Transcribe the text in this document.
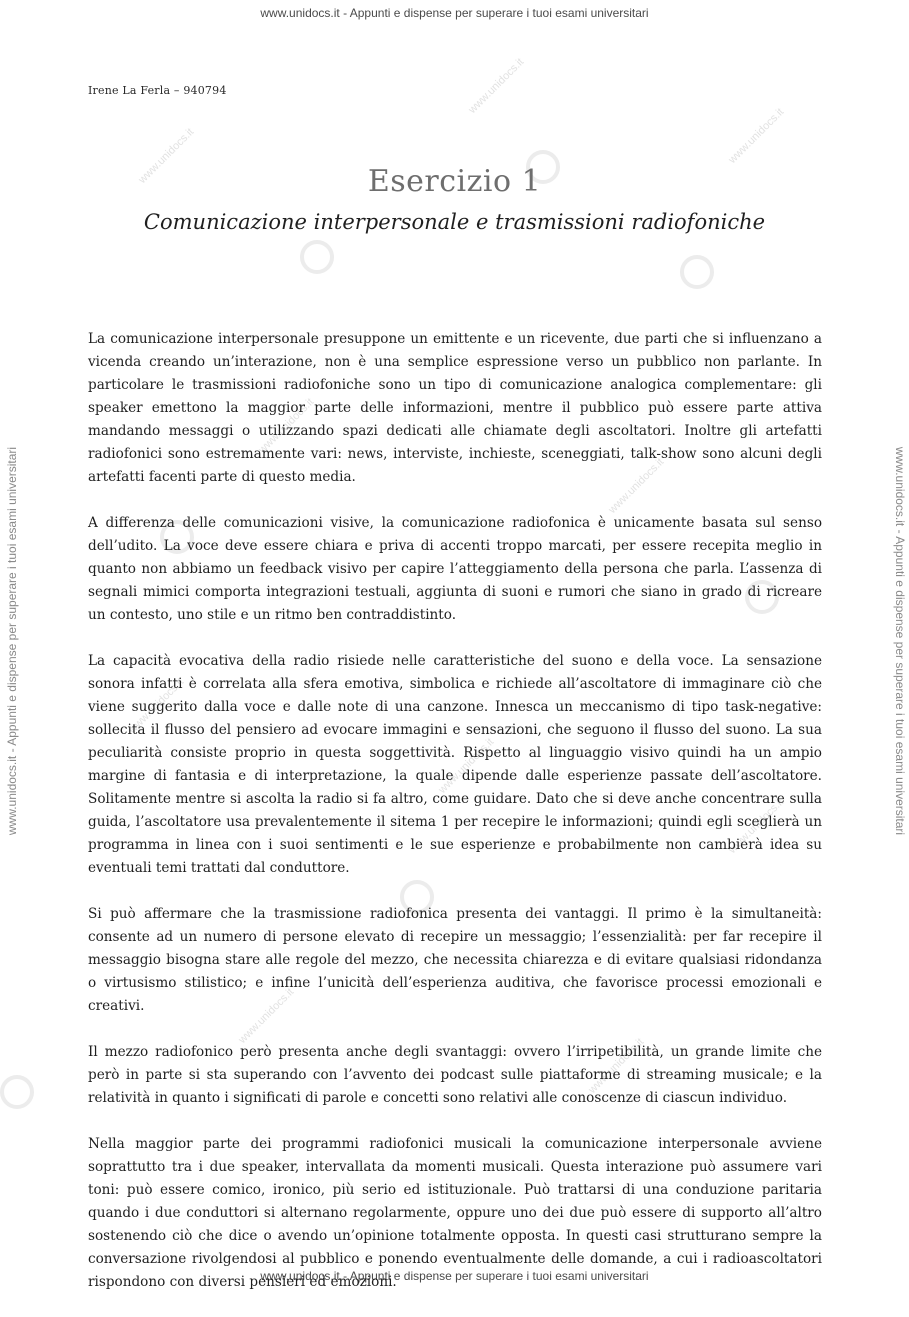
www.unidocs.it - Appunti e dispense per superare i tuoi esami universitari
www.unidocs.it - Appunti e dispense per superare i tuoi esami universitari
www.unidocs.it - Appunti e dispense per superare i tuoi esami universitari	www.unidocs.it - Appunti e dispense per superare i tuoi esami universitari
www.unidocs.it
www.unidocs.it
www.unidocs.it
www.unidocs.it
www.unidocs.it
www.unidocs.it
www.unidocs.it
www.unidocs.it
www.unidocs.it
www.unidocs.it
Irene La Ferla – 940794
Esercizio 1
Comunicazione interpersonale e trasmissioni radiofoniche

La comunicazione interpersonale presuppone un emittente e un ricevente, due parti che si influenzano a vicenda creando un’interazione, non è una semplice espressione verso un pubblico non parlante. In particolare le trasmissioni radiofoniche sono un tipo di comunicazione analogica complementare: gli speaker emettono la maggior parte delle informazioni, mentre il pubblico può essere parte attiva mandando messaggi o utilizzando spazi dedicati alle chiamate degli ascoltatori. Inoltre gli artefatti radiofonici sono estremamente vari: news, interviste, inchieste, sceneggiati, talk-show sono alcuni degli artefatti facenti parte di questo media.

A differenza delle comunicazioni visive, la comunicazione radiofonica è unicamente basata sul senso dell’udito. La voce deve essere chiara e priva di accenti troppo marcati, per essere recepita meglio in quanto non abbiamo un feedback visivo per capire l’atteggiamento della persona che parla. L’assenza di segnali mimici comporta integrazioni testuali, aggiunta di suoni e rumori che siano in grado di ricreare un contesto, uno stile e un ritmo ben contraddistinto.

La capacità evocativa della radio risiede nelle caratteristiche del suono e della voce. La sensazione sonora infatti è correlata alla sfera emotiva, simbolica e richiede all’ascoltatore di immaginare ciò che viene suggerito dalla voce e dalle note di una canzone. Innesca un meccanismo di tipo task-negative: sollecita il flusso del pensiero ad evocare immagini e sensazioni, che seguono il flusso del suono. La sua peculiarità consiste proprio in questa soggettività. Rispetto al linguaggio visivo quindi ha un ampio margine di fantasia e di interpretazione, la quale dipende dalle esperienze passate dell’ascoltatore. Solitamente mentre si ascolta la radio si fa altro, come guidare. Dato che si deve anche concentrare sulla guida, l’ascoltatore usa prevalentemente il sitema 1 per recepire le informazioni; quindi egli sceglierà un programma in linea con i suoi sentimenti e le sue esperienze e probabilmente non cambierà idea su eventuali temi trattati dal conduttore.

Si può affermare che la trasmissione radiofonica presenta dei vantaggi. Il primo è la simultaneità: consente ad un numero di persone elevato di recepire un messaggio; l’essenzialità: per far recepire il messaggio bisogna stare alle regole del mezzo, che necessita chiarezza e di evitare qualsiasi ridondanza o virtusismo stilistico; e infine l’unicità dell’esperienza auditiva, che favorisce processi emozionali e creativi.

Il mezzo radiofonico però presenta anche degli svantaggi: ovvero l’irripetibilità, un grande limite che però in parte si sta superando con l’avvento dei podcast sulle piattaforme di streaming musicale; e la relatività in quanto i significati di parole e concetti sono relativi alle conoscenze di ciascun individuo.

Nella maggior parte dei programmi radiofonici musicali la comunicazione interpersonale avviene soprattutto tra i due speaker, intervallata da momenti musicali. Questa interazione può assumere vari toni: può essere comico, ironico, più serio ed istituzionale. Può trattarsi di una conduzione paritaria quando i due conduttori si alternano regolarmente, oppure uno dei due può essere di supporto all’altro sostenendo ciò che dice o avendo un’opinione totalmente opposta. In questi casi strutturano sempre la conversazione rivolgendosi al pubblico e ponendo eventualmente delle domande, a cui i radioascoltatori rispondono con diversi pensieri ed emozioni.
